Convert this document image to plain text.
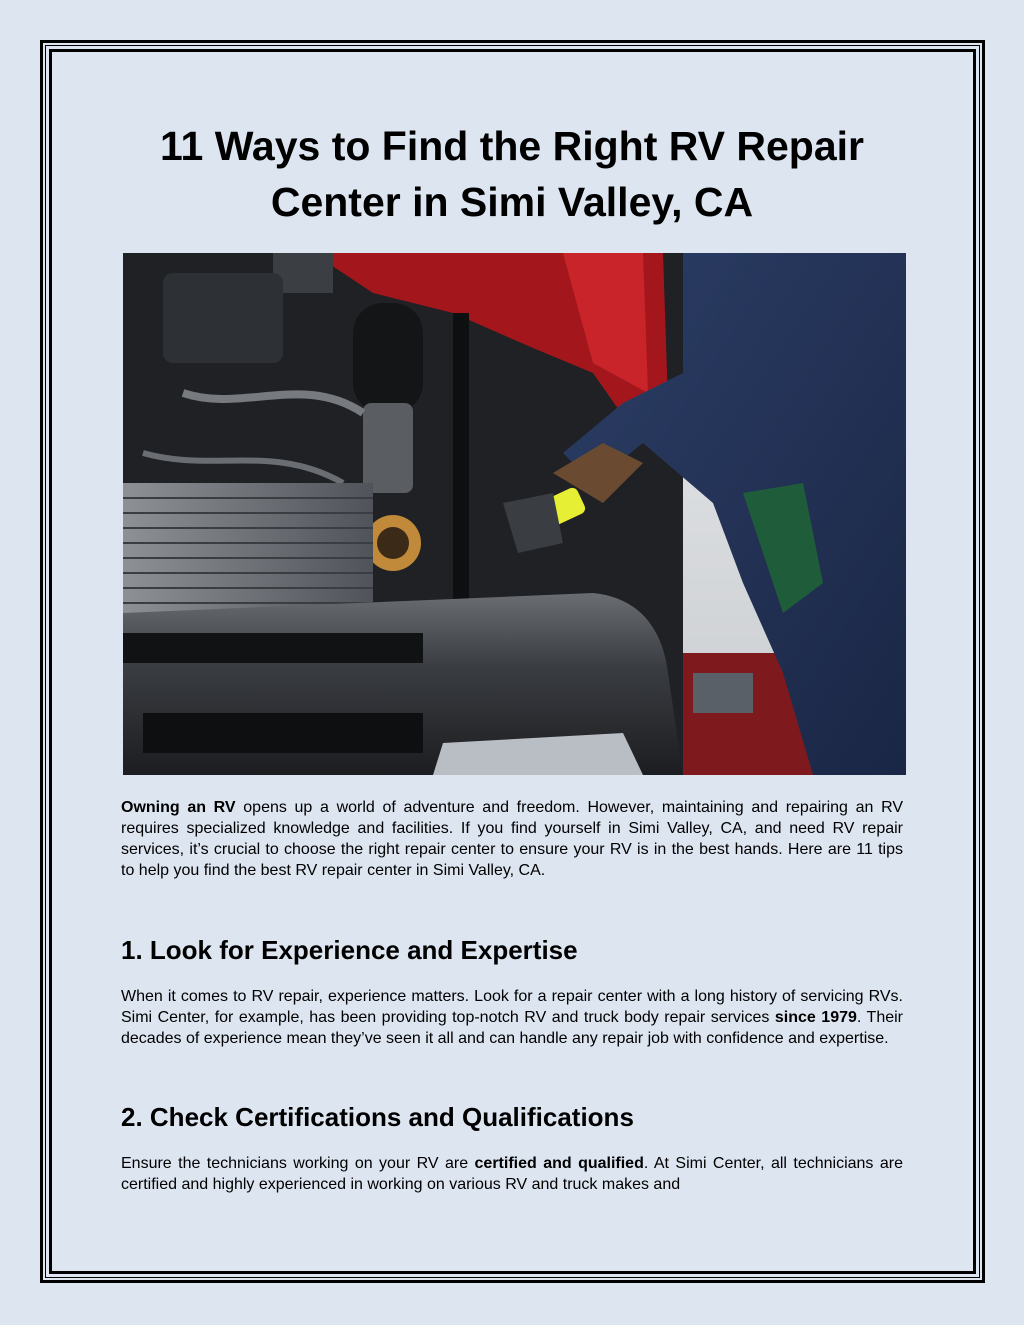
11 Ways to Find the Right RV Repair Center in Simi Valley, CA

Owning an RV opens up a world of adventure and freedom. However, maintaining and repairing an RV requires specialized knowledge and facilities. If you find yourself in Simi Valley, CA, and need RV repair services, it’s crucial to choose the right repair center to ensure your RV is in the best hands. Here are 11 tips to help you find the best RV repair center in Simi Valley, CA.

1. Look for Experience and Expertise

When it comes to RV repair, experience matters. Look for a repair center with a long history of servicing RVs. Simi Center, for example, has been providing top-notch RV and truck body repair services since 1979. Their decades of experience mean they’ve seen it all and can handle any repair job with confidence and expertise.

2. Check Certifications and Qualifications

Ensure the technicians working on your RV are certified and qualified. At Simi Center, all technicians are certified and highly experienced in working on various RV and truck makes and
